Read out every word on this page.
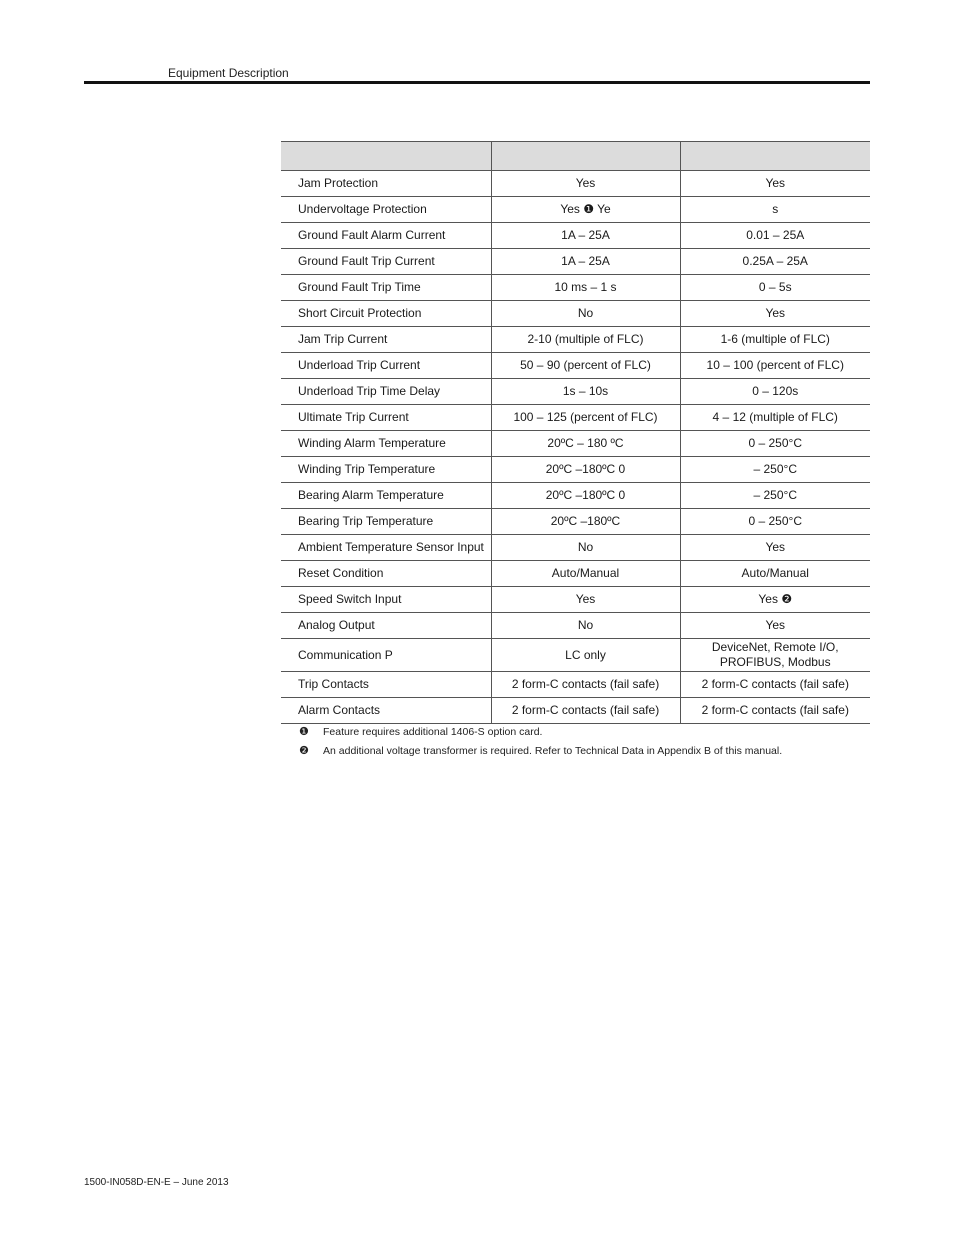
Equipment Description

Jam Protection	Yes	Yes
Undervoltage Protection	Yes ❶ Ye	s
Ground Fault Alarm Current	1A – 25A	0.01 – 25A
Ground Fault Trip Current	1A – 25A	0.25A – 25A
Ground Fault Trip Time	10 ms – 1 s	0 – 5s
Short Circuit Protection	No	Yes
Jam Trip Current	2-10 (multiple of FLC)	1-6 (multiple of FLC)
Underload Trip Current	50 – 90 (percent of FLC)	10 – 100 (percent of FLC)
Underload Trip Time Delay	1s – 10s	0 – 120s
Ultimate Trip Current	100 – 125 (percent of FLC)	4 – 12 (multiple of FLC)
Winding Alarm Temperature	20ºC – 180 ºC	0 – 250°C
Winding Trip Temperature	20ºC –180ºC 0	– 250°C
Bearing Alarm Temperature	20ºC –180ºC 0	– 250°C
Bearing Trip Temperature	20ºC –180ºC	0 – 250°C
Ambient Temperature Sensor Input	No	Yes
Reset Condition	Auto/Manual	Auto/Manual
Speed Switch Input	Yes	Yes ❷
Analog Output	No	Yes
Communication P	LC only	DeviceNet, Remote I/O,
PROFIBUS, Modbus
Trip Contacts	2 form-C contacts (fail safe)	2 form-C contacts (fail safe)
Alarm Contacts	2 form-C contacts (fail safe)	2 form-C contacts (fail safe)
❶	Feature requires additional 1406-S option card.
❷	An additional voltage transformer is required. Refer to Technical Data in Appendix B of this manual.
1500-IN058D-EN-E – June 2013
